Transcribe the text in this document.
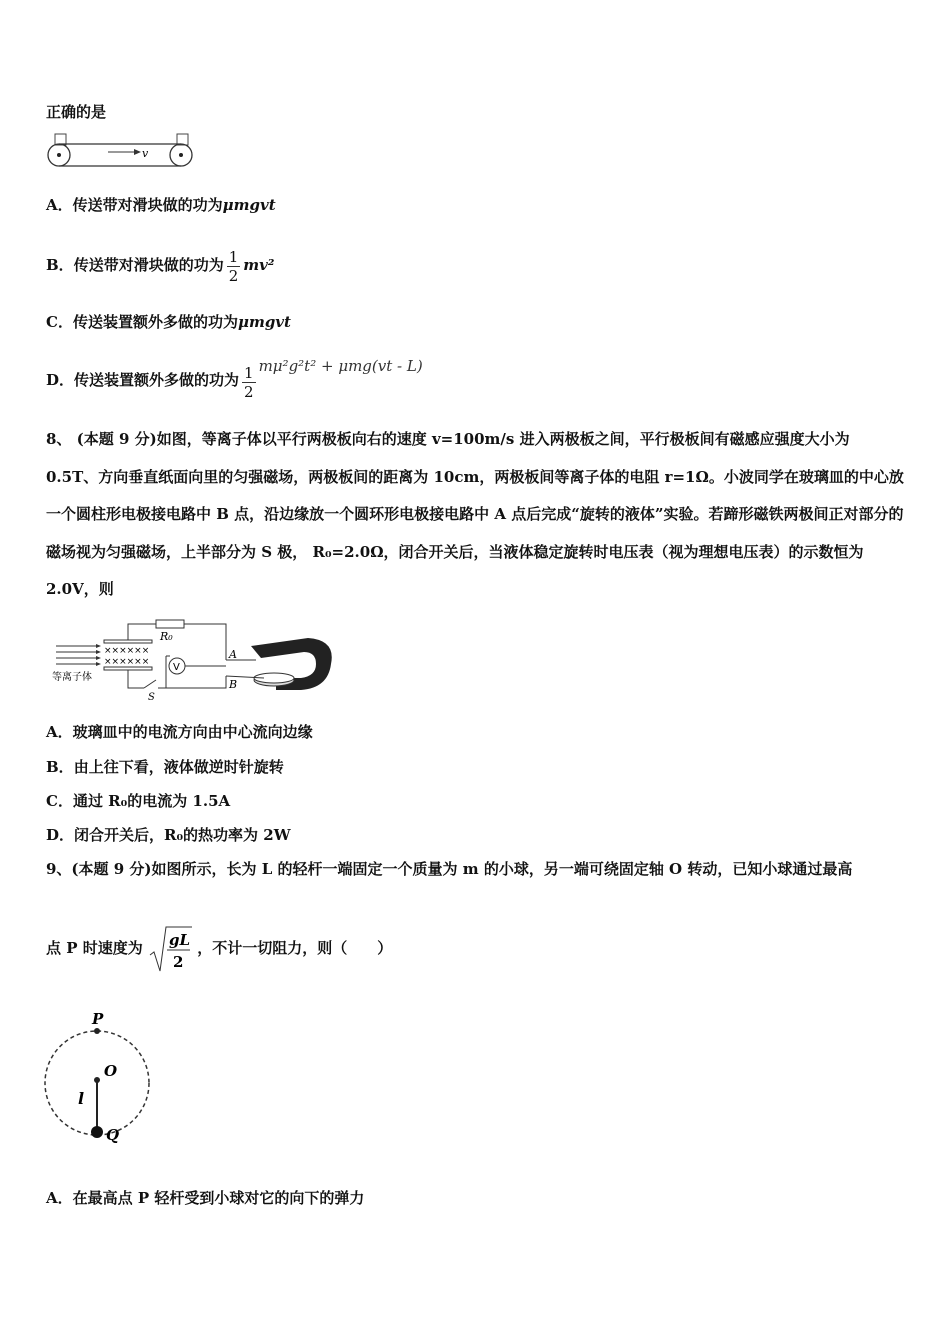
正确的是
v
A．传送带对滑块做的功为μmgvt
B．传送带对滑块做的功为 $\frac{1}{2} mv^2$
C．传送装置额外多做的功为μmgvt
D．传送装置额外多做的功为 $\frac{1}{2} m\mu^2g^2t^2 + \mu mg(vt - L)$
8、 (本题 9 分)如图，等离子体以平行两极板向右的速度 v=100m/s 进入两极板之间，平行极板间有磁感应强度大小为 0.5T、方向垂直纸面向里的匀强磁场，两极板间的距离为 10cm，两极板间等离子体的电阻 r=1Ω。小波同学在玻璃皿的中心放一个圆柱形电极接电路中 B 点，沿边缘放一个圆环形电极接电路中 A 点后完成“旋转的液体”实验。若蹄形磁铁两极间正对部分的磁场视为匀强磁场，上半部分为 S 极， R₀=2.0Ω，闭合开关后，当液体稳定旋转时电压表（视为理想电压表）的示数恒为 2.0V，则
××××××
××××××
R₀
S
V
A
B
等离子体
A．玻璃皿中的电流方向由中心流向边缘
B．由上往下看，液体做逆时针旋转
C．通过 R₀的电流为 1.5A
D．闭合开关后，R₀的热功率为 2W
9、(本题 9 分)如图所示，长为 L 的轻杆一端固定一个质量为 m 的小球，另一端可绕固定轴 O 转动，已知小球通过最高
点 P 时速度为 gL
2
，不计一切阻力，则（　　）
P
O
l
Q
A．在最高点 P 轻杆受到小球对它的向下的弹力
